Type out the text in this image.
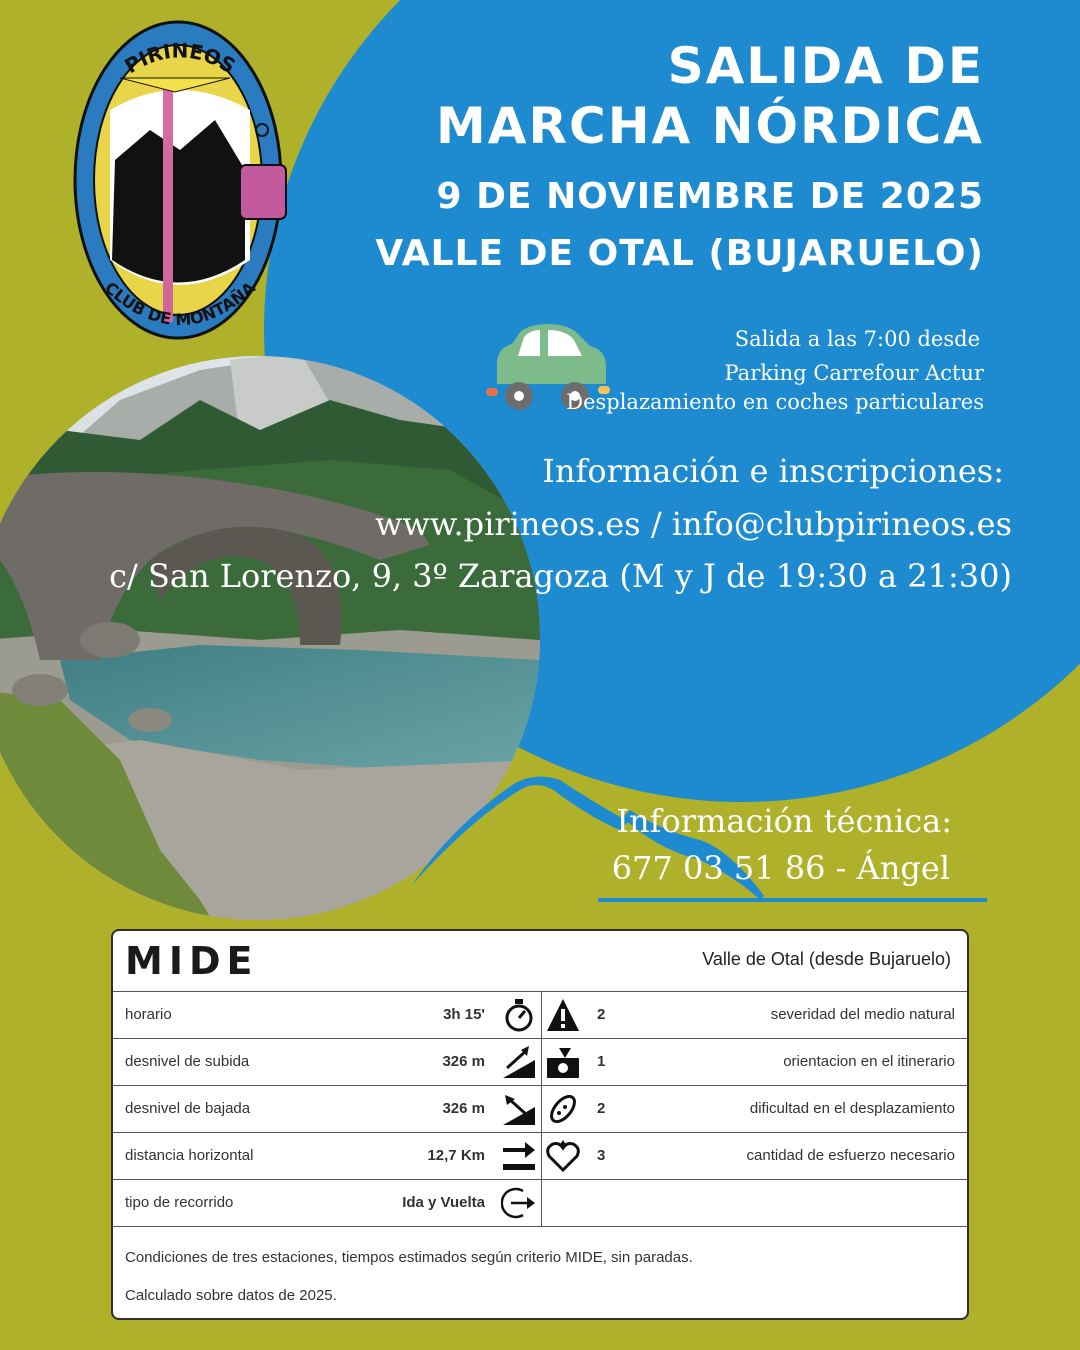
PIRINEOS
CLUB DE MONTAÑA
SALIDA DE
MARCHA NÓRDICA
9 DE NOVIEMBRE DE 2025
VALLE DE OTAL (BUJARUELO)
Salida a las 7:00 desde
Parking Carrefour Actur
Desplazamiento en coches particulares
Información e inscripciones:
www.pirineos.es / info@clubpirineos.es
c/ San Lorenzo, 9, 3º Zaragoza (M y J de 19:30 a 21:30)
Información técnica:
677 03 51 86 - Ángel
MIDE	Valle de Otal (desde Bujaruelo)
horario	3h 15'	2	severidad del medio natural
desnivel de subida	326 m	1	orientacion en el itinerario
desnivel de bajada	326 m	2	dificultad en el desplazamiento
distancia horizontal	12,7 Km	3	cantidad de esfuerzo necesario
tipo de recorrido	Ida y Vuelta
Condiciones de tres estaciones, tiempos estimados según criterio MIDE, sin paradas.
Calculado sobre datos de 2025.
